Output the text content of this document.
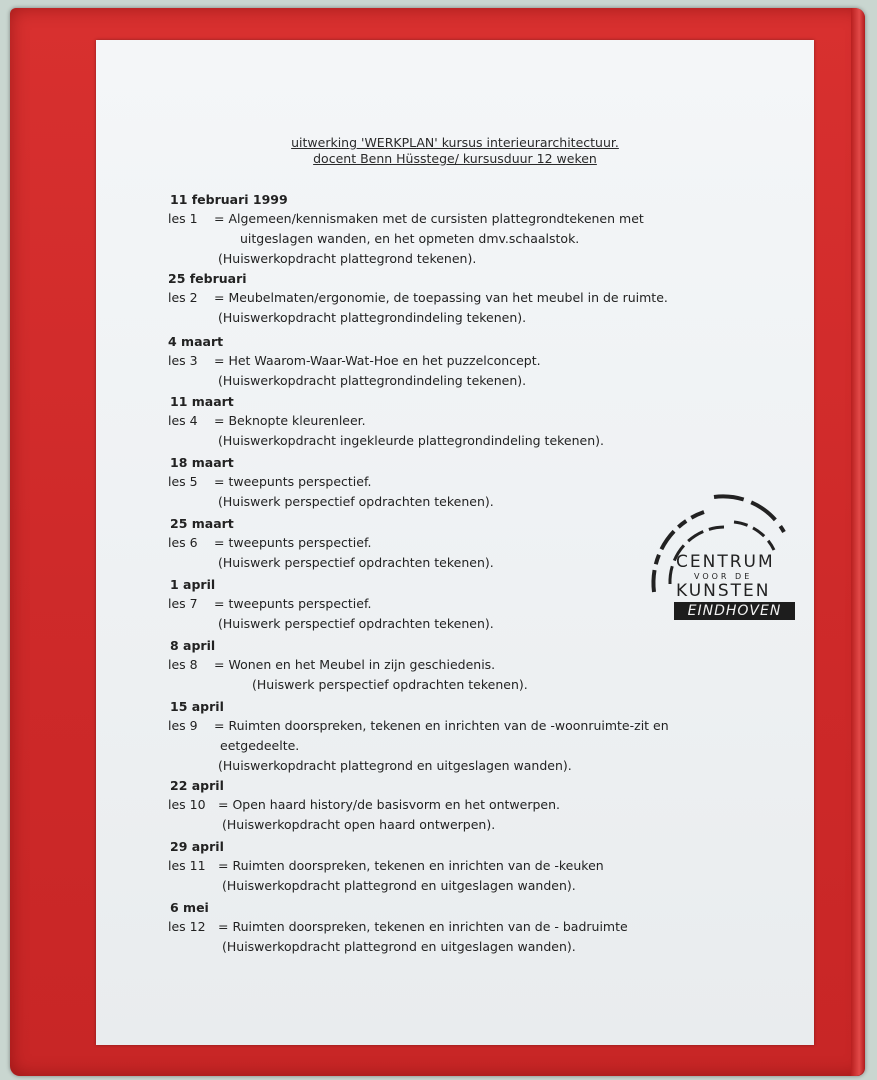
uitwerking 'WERKPLAN' kursus interieurarchitectuur.
docent Benn Hüsstege/ kursusduur 12 weken
11 februari 1999
les 1 = Algemeen/kennismaken met de cursisten plattegrondtekenen met
uitgeslagen wanden, en het opmeten dmv.schaalstok.
(Huiswerkopdracht plattegrond tekenen).
25 februari
les 2 = Meubelmaten/ergonomie, de toepassing van het meubel in de ruimte.
(Huiswerkopdracht plattegrondindeling tekenen).
4 maart
les 3 = Het Waarom-Waar-Wat-Hoe en het puzzelconcept.
(Huiswerkopdracht plattegrondindeling tekenen).
11 maart
les 4 = Beknopte kleurenleer.
(Huiswerkopdracht ingekleurde plattegrondindeling tekenen).
18 maart
les 5 = tweepunts perspectief.
(Huiswerk perspectief opdrachten tekenen).
25 maart
les 6 = tweepunts perspectief.
(Huiswerk perspectief opdrachten tekenen).
1 april
les 7 = tweepunts perspectief.
(Huiswerk perspectief opdrachten tekenen).
8 april
les 8 = Wonen en het Meubel in zijn geschiedenis.
(Huiswerk perspectief opdrachten tekenen).
15 april
les 9 = Ruimten doorspreken, tekenen en inrichten van de -woonruimte-zit en
eetgedeelte.
(Huiswerkopdracht plattegrond en uitgeslagen wanden).
22 april
les 10 = Open haard history/de basisvorm en het ontwerpen.
(Huiswerkopdracht open haard ontwerpen).
29 april
les 11 = Ruimten doorspreken, tekenen en inrichten van de -keuken
(Huiswerkopdracht plattegrond en uitgeslagen wanden).
6 mei
les 12 = Ruimten doorspreken, tekenen en inrichten van de - badruimte
(Huiswerkopdracht plattegrond en uitgeslagen wanden).
CENTRUM
VOOR DE
KUNSTEN
EINDHOVEN
